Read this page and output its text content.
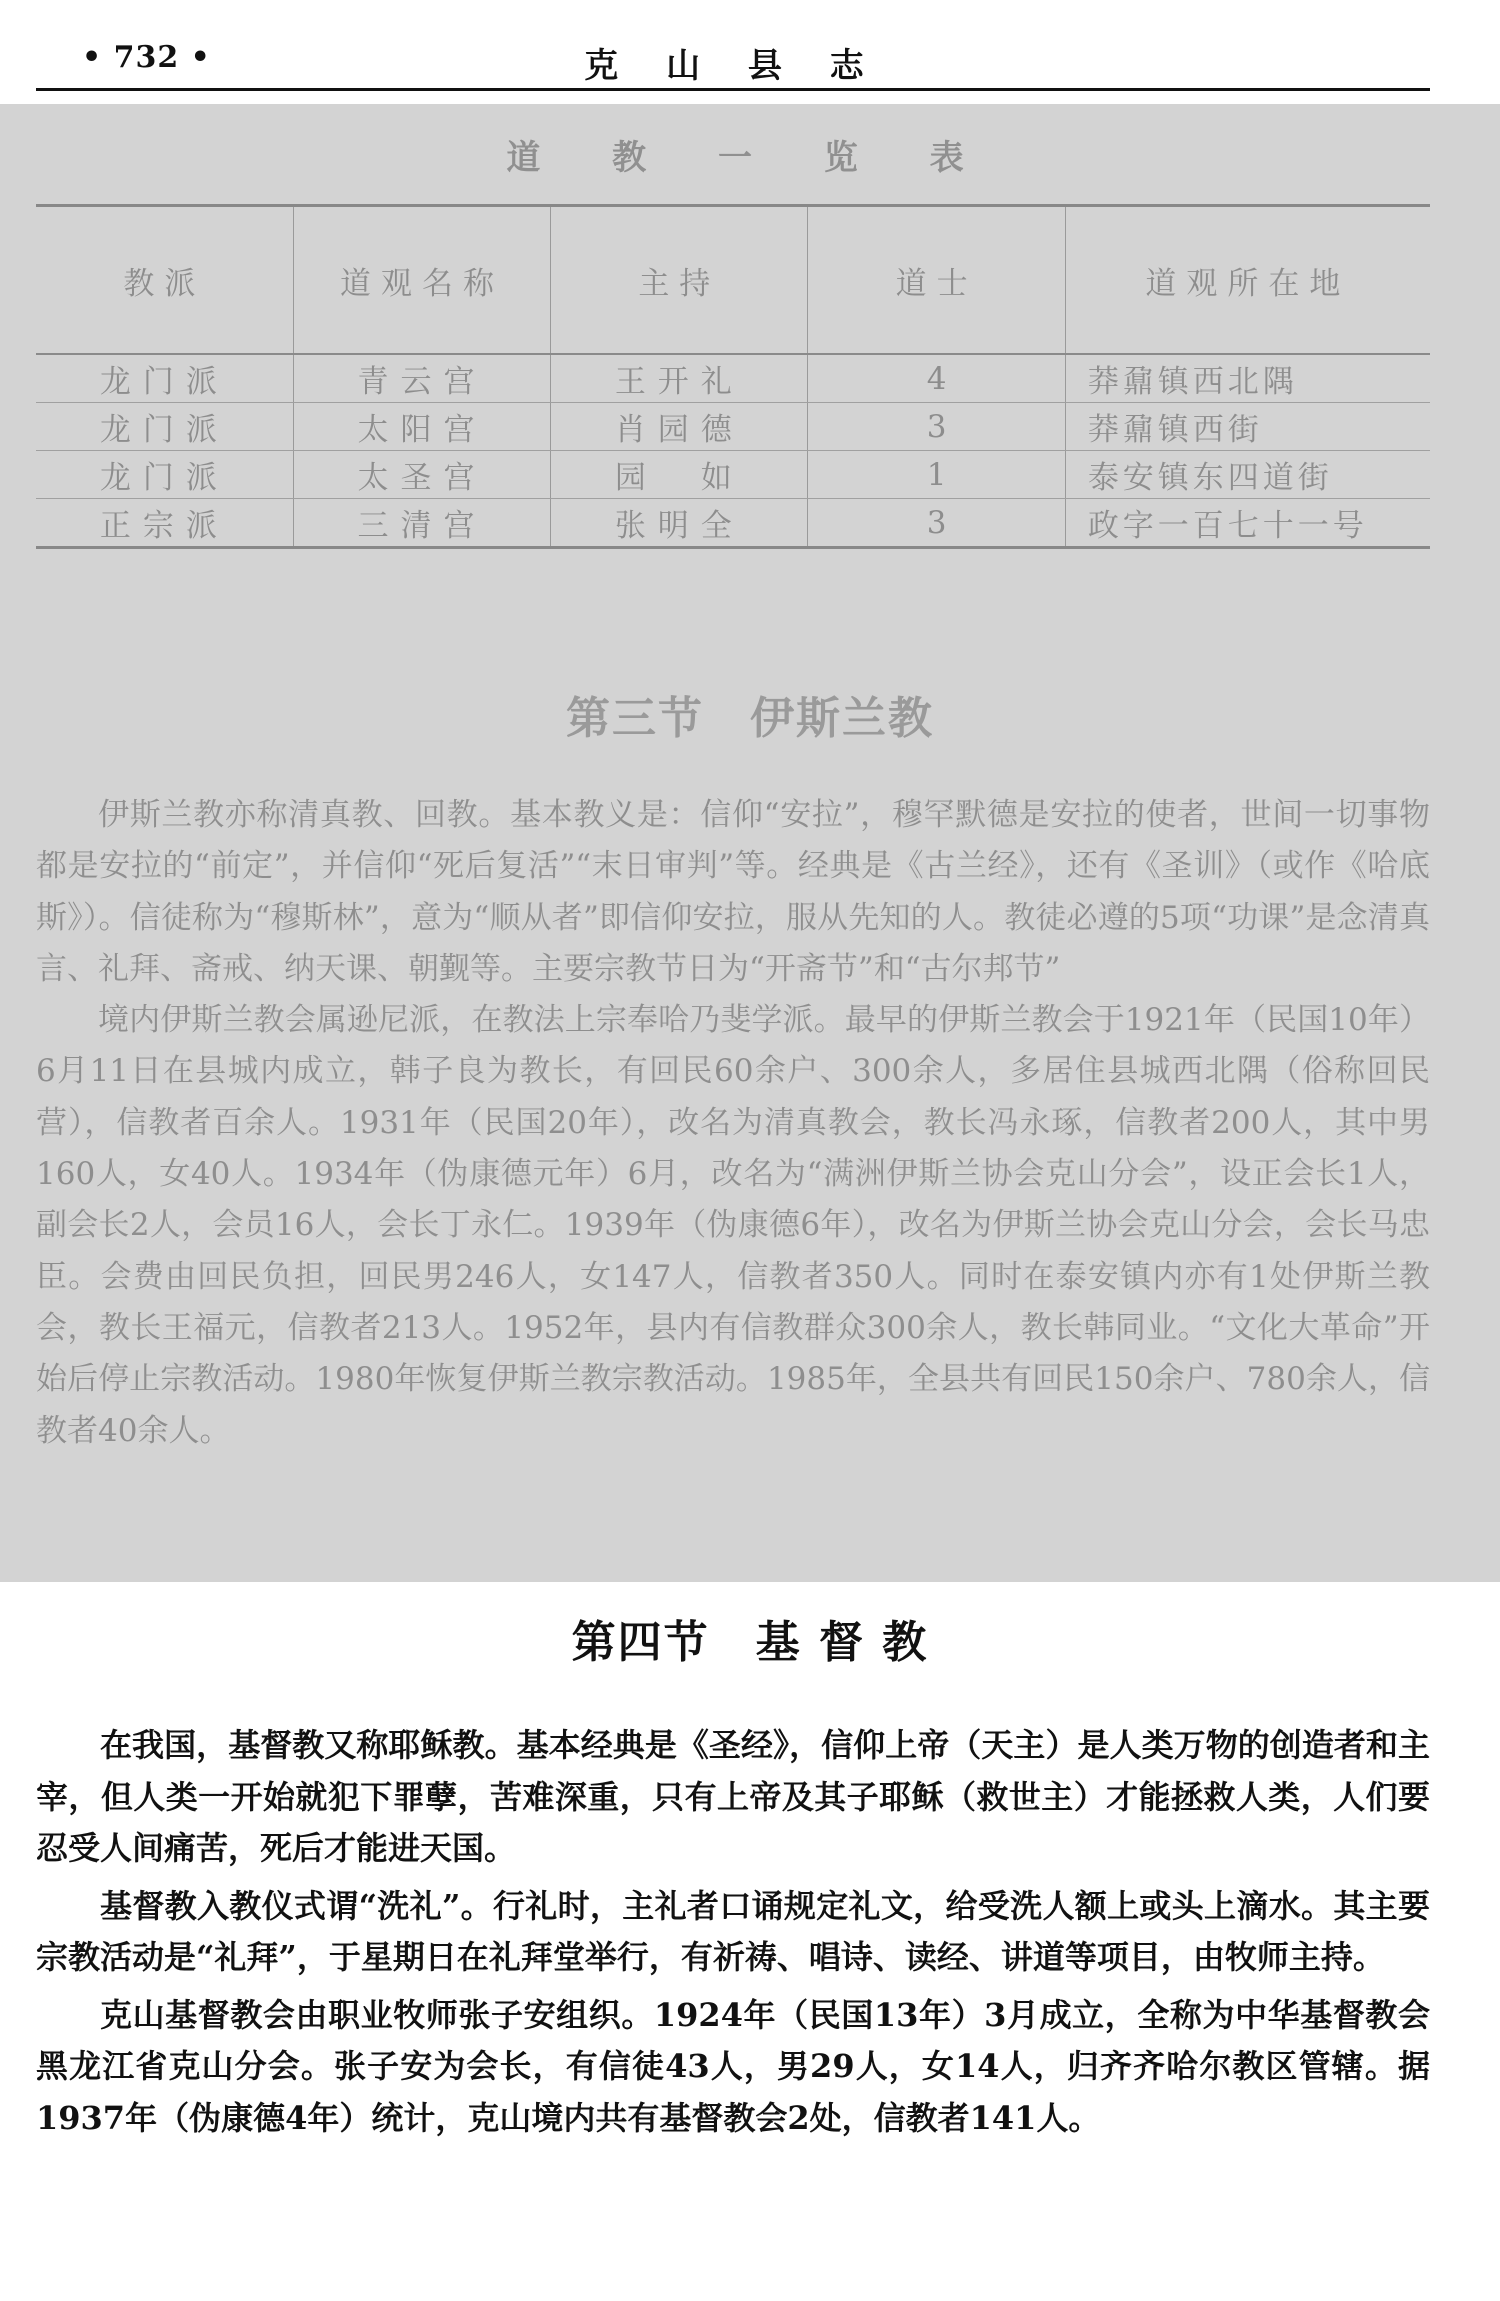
• 732 •	克 山 县 志
道 教 一 览 表
教派	道观名称	主持	道士	道观所在地
龙门派	青云宫	王开礼	4	莽鼐镇西北隅
龙门派	太阳宫	肖园德	3	莽鼐镇西街
龙门派	太圣宫	园　如	1	泰安镇东四道街
正宗派	三清宫	张明全	3	政字一百七十一号
第三节　伊斯兰教

伊斯兰教亦称清真教、回教。基本教义是：信仰“安拉”，穆罕默德是安拉的使者，世间一切事物都是安拉的“前定”，并信仰“死后复活”“末日审判”等。经典是《古兰经》，还有《圣训》（或作《哈底斯》）。信徒称为“穆斯林”，意为“顺从者”即信仰安拉，服从先知的人。教徒必遵的5项“功课”是念清真言、礼拜、斋戒、纳天课、朝觐等。主要宗教节日为“开斋节”和“古尔邦节”

境内伊斯兰教会属逊尼派，在教法上宗奉哈乃斐学派。最早的伊斯兰教会于1921年（民国10年）6月11日在县城内成立，韩子良为教长，有回民60余户、300余人，多居住县城西北隅（俗称回民营），信教者百余人。1931年（民国20年），改名为清真教会，教长冯永琢，信教者200人，其中男160人，女40人。1934年（伪康德元年）6月，改名为“满洲伊斯兰协会克山分会”，设正会长1人，副会长2人，会员16人，会长丁永仁。1939年（伪康德6年），改名为伊斯兰协会克山分会，会长马忠臣。会费由回民负担，回民男246人，女147人，信教者350人。同时在泰安镇内亦有1处伊斯兰教会，教长王福元，信教者213人。1952年，县内有信教群众300余人，教长韩同业。“文化大革命”开始后停止宗教活动。1980年恢复伊斯兰教宗教活动。1985年，全县共有回民150余户、780余人，信教者40余人。

第四节　基 督 教

在我国，基督教又称耶稣教。基本经典是《圣经》，信仰上帝（天主）是人类万物的创造者和主宰，但人类一开始就犯下罪孽，苦难深重，只有上帝及其子耶稣（救世主）才能拯救人类，人们要忍受人间痛苦，死后才能进天国。

基督教入教仪式谓“洗礼”。行礼时，主礼者口诵规定礼文，给受洗人额上或头上滴水。其主要宗教活动是“礼拜”，于星期日在礼拜堂举行，有祈祷、唱诗、读经、讲道等项目，由牧师主持。

克山基督教会由职业牧师张子安组织。1924年（民国13年）3月成立，全称为中华基督教会黑龙江省克山分会。张子安为会长，有信徒43人，男29人，女14人，归齐齐哈尔教区管辖。据1937年（伪康德4年）统计，克山境内共有基督教会2处，信教者141人。
